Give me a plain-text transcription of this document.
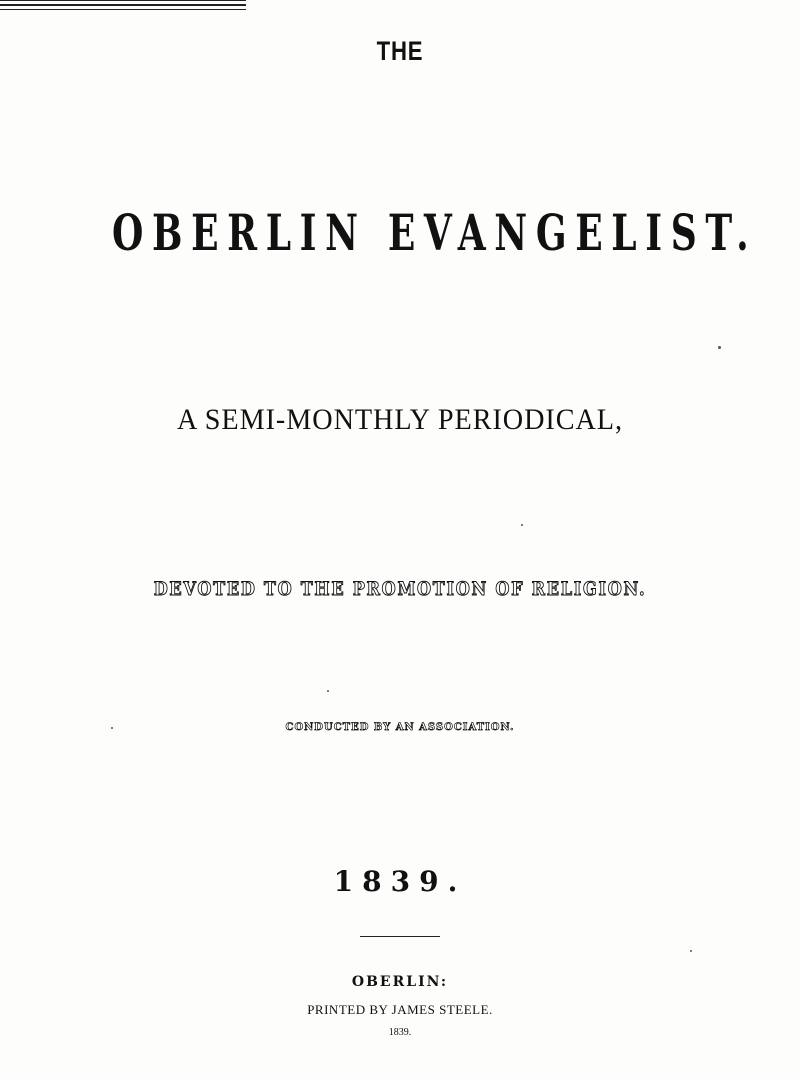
THE
OBERLIN EVANGELIST.
A SEMI-MONTHLY PERIODICAL,
DEVOTED TO THE PROMOTION OF RELIGION.
CONDUCTED BY AN ASSOCIATION.
1839.
OBERLIN:
PRINTED BY JAMES STEELE.
1839.
